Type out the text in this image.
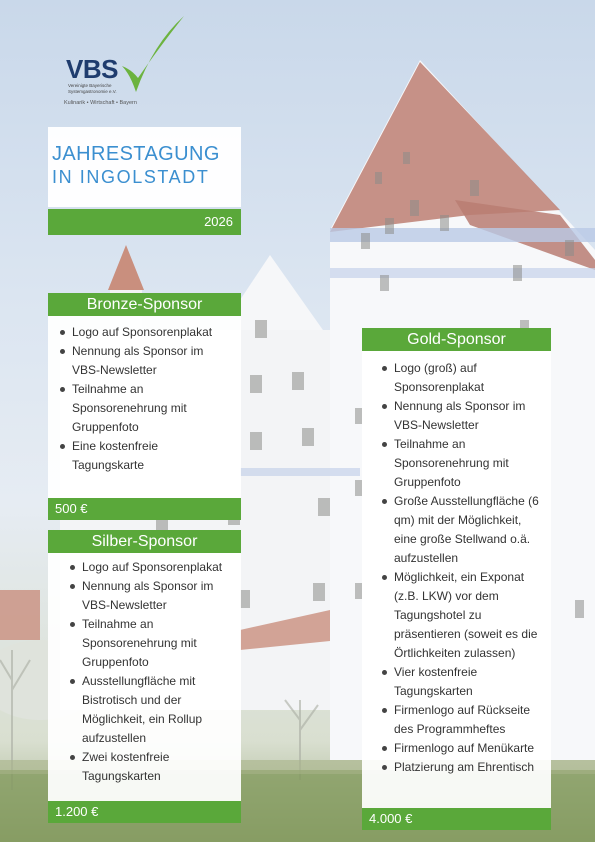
VBS
Vereinigte Bayerische Systemgastronomie e.V.
Kulinarik • Wirtschaft • Bayern
JAHRESTAGUNG
IN INGOLSTADT
2026
Bronze-Sponsor
Logo auf Sponsorenplakat
Nennung als Sponsor im VBS-Newsletter
Teilnahme an Sponsorenehrung mit Gruppenfoto
Eine kostenfreie Tagungskarte
500 €
Silber-Sponsor
Logo auf Sponsorenplakat
Nennung als Sponsor im VBS-Newsletter
Teilnahme an Sponsorenehrung mit Gruppenfoto
Ausstellungfläche mit Bistrotisch und der Möglichkeit, ein Rollup aufzustellen
Zwei kostenfreie Tagungskarten
1.200 €
Gold-Sponsor
Logo (groß) auf Sponsorenplakat
Nennung als Sponsor im VBS-Newsletter
Teilnahme an Sponsorenehrung mit Gruppenfoto
Große Ausstellungfläche (6 qm) mit der Möglichkeit, eine große Stellwand o.ä. aufzustellen
Möglichkeit, ein Exponat (z.B. LKW) vor dem Tagungshotel zu präsentieren (soweit es die Örtlichkeiten zulassen)
Vier kostenfreie Tagungskarten
Firmenlogo auf Rückseite des Programmheftes
Firmenlogo auf Menükarte
Platzierung am Ehrentisch
4.000 €
